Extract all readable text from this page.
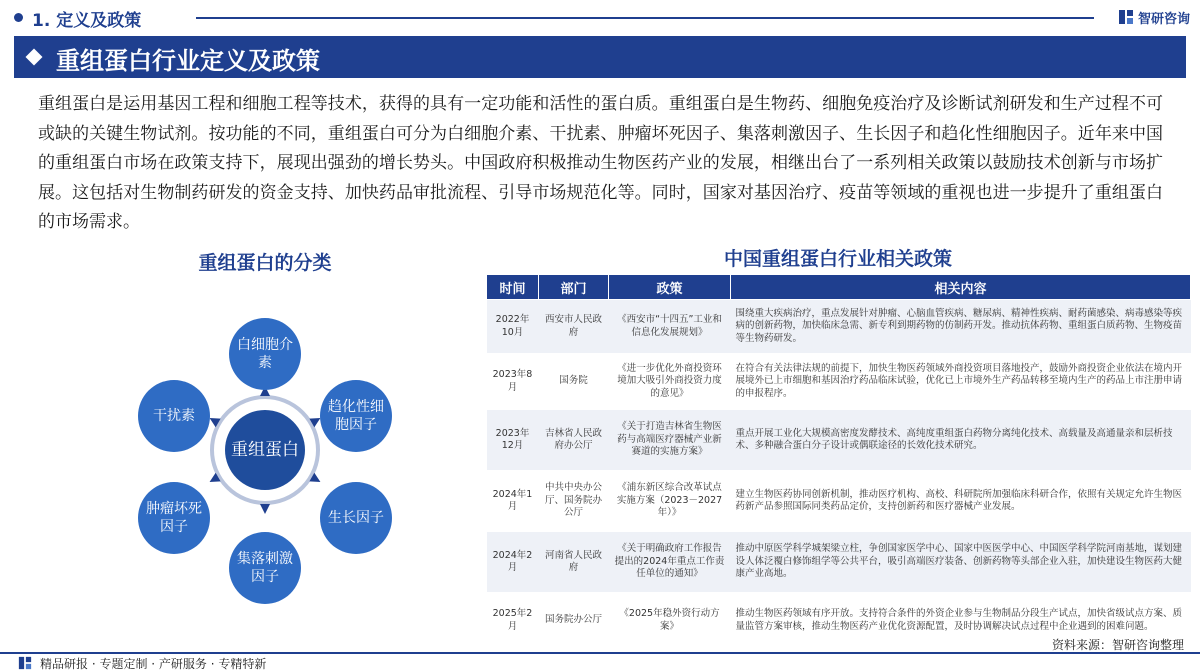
1. 定义及政策	智研咨询
重组蛋白行业定义及政策

重组蛋白是运用基因工程和细胞工程等技术，获得的具有一定功能和活性的蛋白质。重组蛋白是生物药、细胞免疫治疗及诊断试剂研发和生产过程不可或缺的关键生物试剂。按功能的不同，重组蛋白可分为白细胞介素、干扰素、肿瘤坏死因子、集落刺激因子、生长因子和趋化性细胞因子。近年来中国的重组蛋白市场在政策支持下，展现出强劲的增长势头。中国政府积极推动生物医药产业的发展，相继出台了一系列相关政策以鼓励技术创新与市场扩展。这包括对生物制药研发的资金支持、加快药品审批流程、引导市场规范化等。同时，国家对基因治疗、疫苗等领域的重视也进一步提升了重组蛋白的市场需求。

重组蛋白的分类
重组蛋白
白细胞介素
趋化性细胞因子
生长因子
集落刺激因子
肿瘤坏死因子
干扰素
中国重组蛋白行业相关政策
时间	部门	政策	相关内容
2022年10月	西安市人民政府	《西安市“十四五”工业和信息化发展规划》	围绕重大疾病治疗，重点发展针对肿瘤、心脑血管疾病、糖尿病、精神性疾病、耐药菌感染、病毒感染等疾病的创新药物，加快临床急需、新专利到期药物的仿制药开发。推动抗体药物、重组蛋白质药物、生物疫苗等生物药研发。
2023年8月	国务院	《进一步优化外商投资环境加大吸引外商投资力度的意见》	在符合有关法律法规的前提下，加快生物医药领域外商投资项目落地投产，鼓励外商投资企业依法在境内开展境外已上市细胞和基因治疗药品临床试验，优化已上市境外生产药品转移至境内生产的药品上市注册申请的申报程序。
2023年12月	吉林省人民政府办公厅	《关于打造吉林省生物医药与高端医疗器械产业新赛道的实施方案》	重点开展工业化大规模高密度发酵技术、高纯度重组蛋白药物分离纯化技术、高载量及高通量亲和层析技术、多种融合蛋白分子设计或偶联途径的长效化技术研究。
2024年1月	中共中央办公厅、国务院办公厅	《浦东新区综合改革试点实施方案（2023－2027年）》	建立生物医药协同创新机制，推动医疗机构、高校、科研院所加强临床科研合作，依照有关规定允许生物医药新产品参照国际同类药品定价，支持创新药和医疗器械产业发展。
2024年2月	河南省人民政府	《关于明确政府工作报告提出的2024年重点工作责任单位的通知》	推动中原医学科学城架梁立柱，争创国家医学中心、国家中医医学中心、中国医学科学院河南基地，谋划建设人体泛覆白修饰组学等公共平台，吸引高端医疗装备、创新药物等头部企业入驻，加快建设生物医药大健康产业高地。
2025年2月	国务院办公厅	《2025年稳外资行动方案》	推动生物医药领域有序开放。支持符合条件的外资企业参与生物制品分段生产试点，加快省级试点方案、质量监管方案审核，推动生物医药产业优化资源配置，及时协调解决试点过程中企业遇到的困难问题。
资料来源：智研咨询整理
精品研报 · 专题定制 · 产研服务 · 专精特新
